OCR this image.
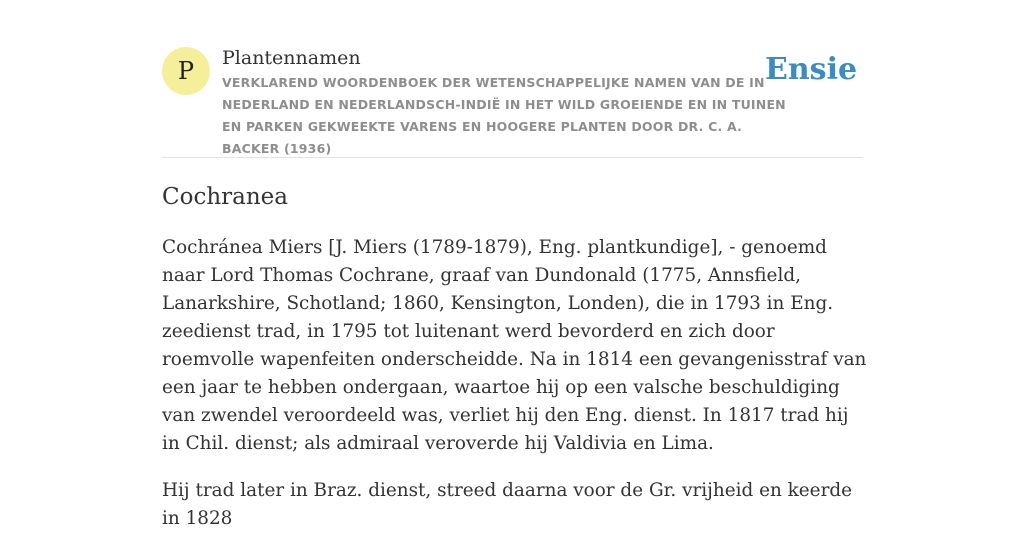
P	Plantennamen
VERKLAREND WOORDENBOEK DER WETENSCHAPPELIJKE NAMEN VAN DE IN NEDERLAND EN NEDERLANDSCH-INDIË IN HET WILD GROEIENDE EN IN TUINEN EN PARKEN GEKWEEKTE VARENS EN HOOGERE PLANTEN DOOR DR. C. A. BACKER (1936)
Ensie
Cochranea

Cochránea Miers [J. Miers (1789-1879), Eng. plantkundige], - genoemd naar Lord Thomas Cochrane, graaf van Dundonald (1775, Annsfield, Lanarkshire, Schotland; 1860, Kensington, Londen), die in 1793 in Eng. zeedienst trad, in 1795 tot luitenant werd bevorderd en zich door roemvolle wapenfeiten onderscheidde. Na in 1814 een gevangenisstraf van een jaar te hebben ondergaan, waartoe hij op een valsche beschuldiging van zwendel veroordeeld was, verliet hij den Eng. dienst. In 1817 trad hij in Chil. dienst; als admiraal veroverde hij Valdivia en Lima.

Hij trad later in Braz. dienst, streed daarna voor de Gr. vrijheid en keerde in 1828
